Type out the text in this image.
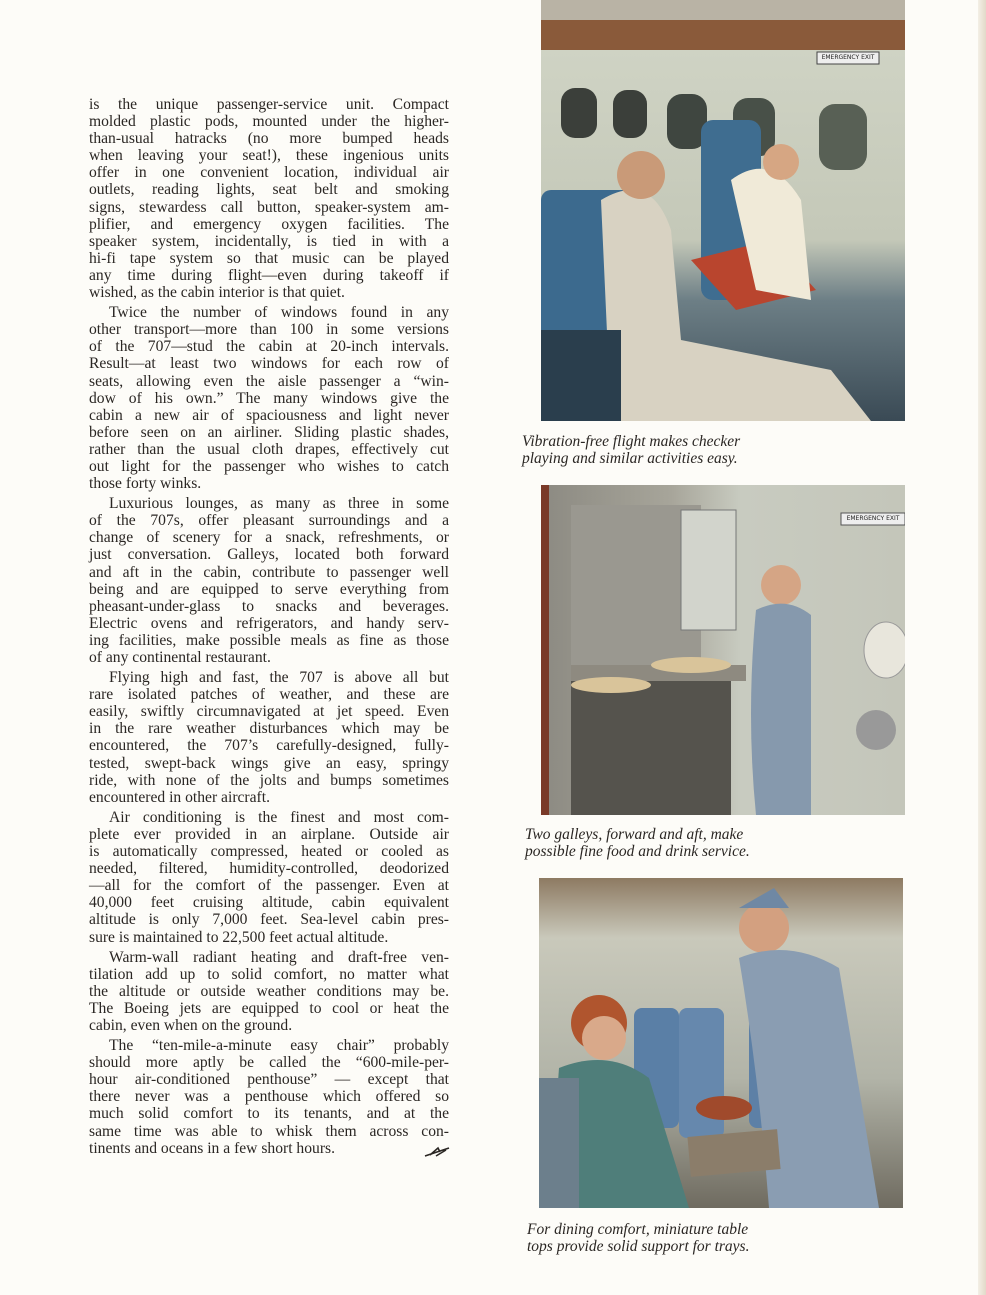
is the unique passenger-service unit. Compact
molded plastic pods, mounted under the higher-
than-usual hatracks (no more bumped heads
when leaving your seat!), these ingenious units
offer in one convenient location, individual air
outlets, reading lights, seat belt and smoking
signs, stewardess call button, speaker-system am-
plifier, and emergency oxygen facilities. The
speaker system, incidentally, is tied in with a
hi-fi tape system so that music can be played
any time during flight—even during takeoff if
wished, as the cabin interior is that quiet.
Twice the number of windows found in any
other transport—more than 100 in some versions
of the 707—stud the cabin at 20-inch intervals.
Result—at least two windows for each row of
seats, allowing even the aisle passenger a “win-
dow of his own.” The many windows give the
cabin a new air of spaciousness and light never
before seen on an airliner. Sliding plastic shades,
rather than the usual cloth drapes, effectively cut
out light for the passenger who wishes to catch
those forty winks.
Luxurious lounges, as many as three in some
of the 707s, offer pleasant surroundings and a
change of scenery for a snack, refreshments, or
just conversation. Galleys, located both forward
and aft in the cabin, contribute to passenger well
being and are equipped to serve everything from
pheasant-under-glass to snacks and beverages.
Electric ovens and refrigerators, and handy serv-
ing facilities, make possible meals as fine as those
of any continental restaurant.
Flying high and fast, the 707 is above all but
rare isolated patches of weather, and these are
easily, swiftly circumnavigated at jet speed. Even
in the rare weather disturbances which may be
encountered, the 707’s carefully-designed, fully-
tested, swept-back wings give an easy, springy
ride, with none of the jolts and bumps sometimes
encountered in other aircraft.
Air conditioning is the finest and most com-
plete ever provided in an airplane. Outside air
is automatically compressed, heated or cooled as
needed, filtered, humidity-controlled, deodorized
—all for the comfort of the passenger. Even at
40,000 feet cruising altitude, cabin equivalent
altitude is only 7,000 feet. Sea-level cabin pres-
sure is maintained to 22,500 feet actual altitude.
Warm-wall radiant heating and draft-free ven-
tilation add up to solid comfort, no matter what
the altitude or outside weather conditions may be.
The Boeing jets are equipped to cool or heat the
cabin, even when on the ground.
The “ten-mile-a-minute easy chair” probably
should more aptly be called the “600-mile-per-
hour air-conditioned penthouse” — except that
there never was a penthouse which offered so
much solid comfort to its tenants, and at the
same time was able to whisk them across con-
tinents and oceans in a few short hours.
EMERGENCY EXIT
Vibration-free flight makes checker
playing and similar activities easy.
EMERGENCY EXIT
Two galleys, forward and aft, make
possible fine food and drink service.
For dining comfort, miniature table
tops provide solid support for trays.
